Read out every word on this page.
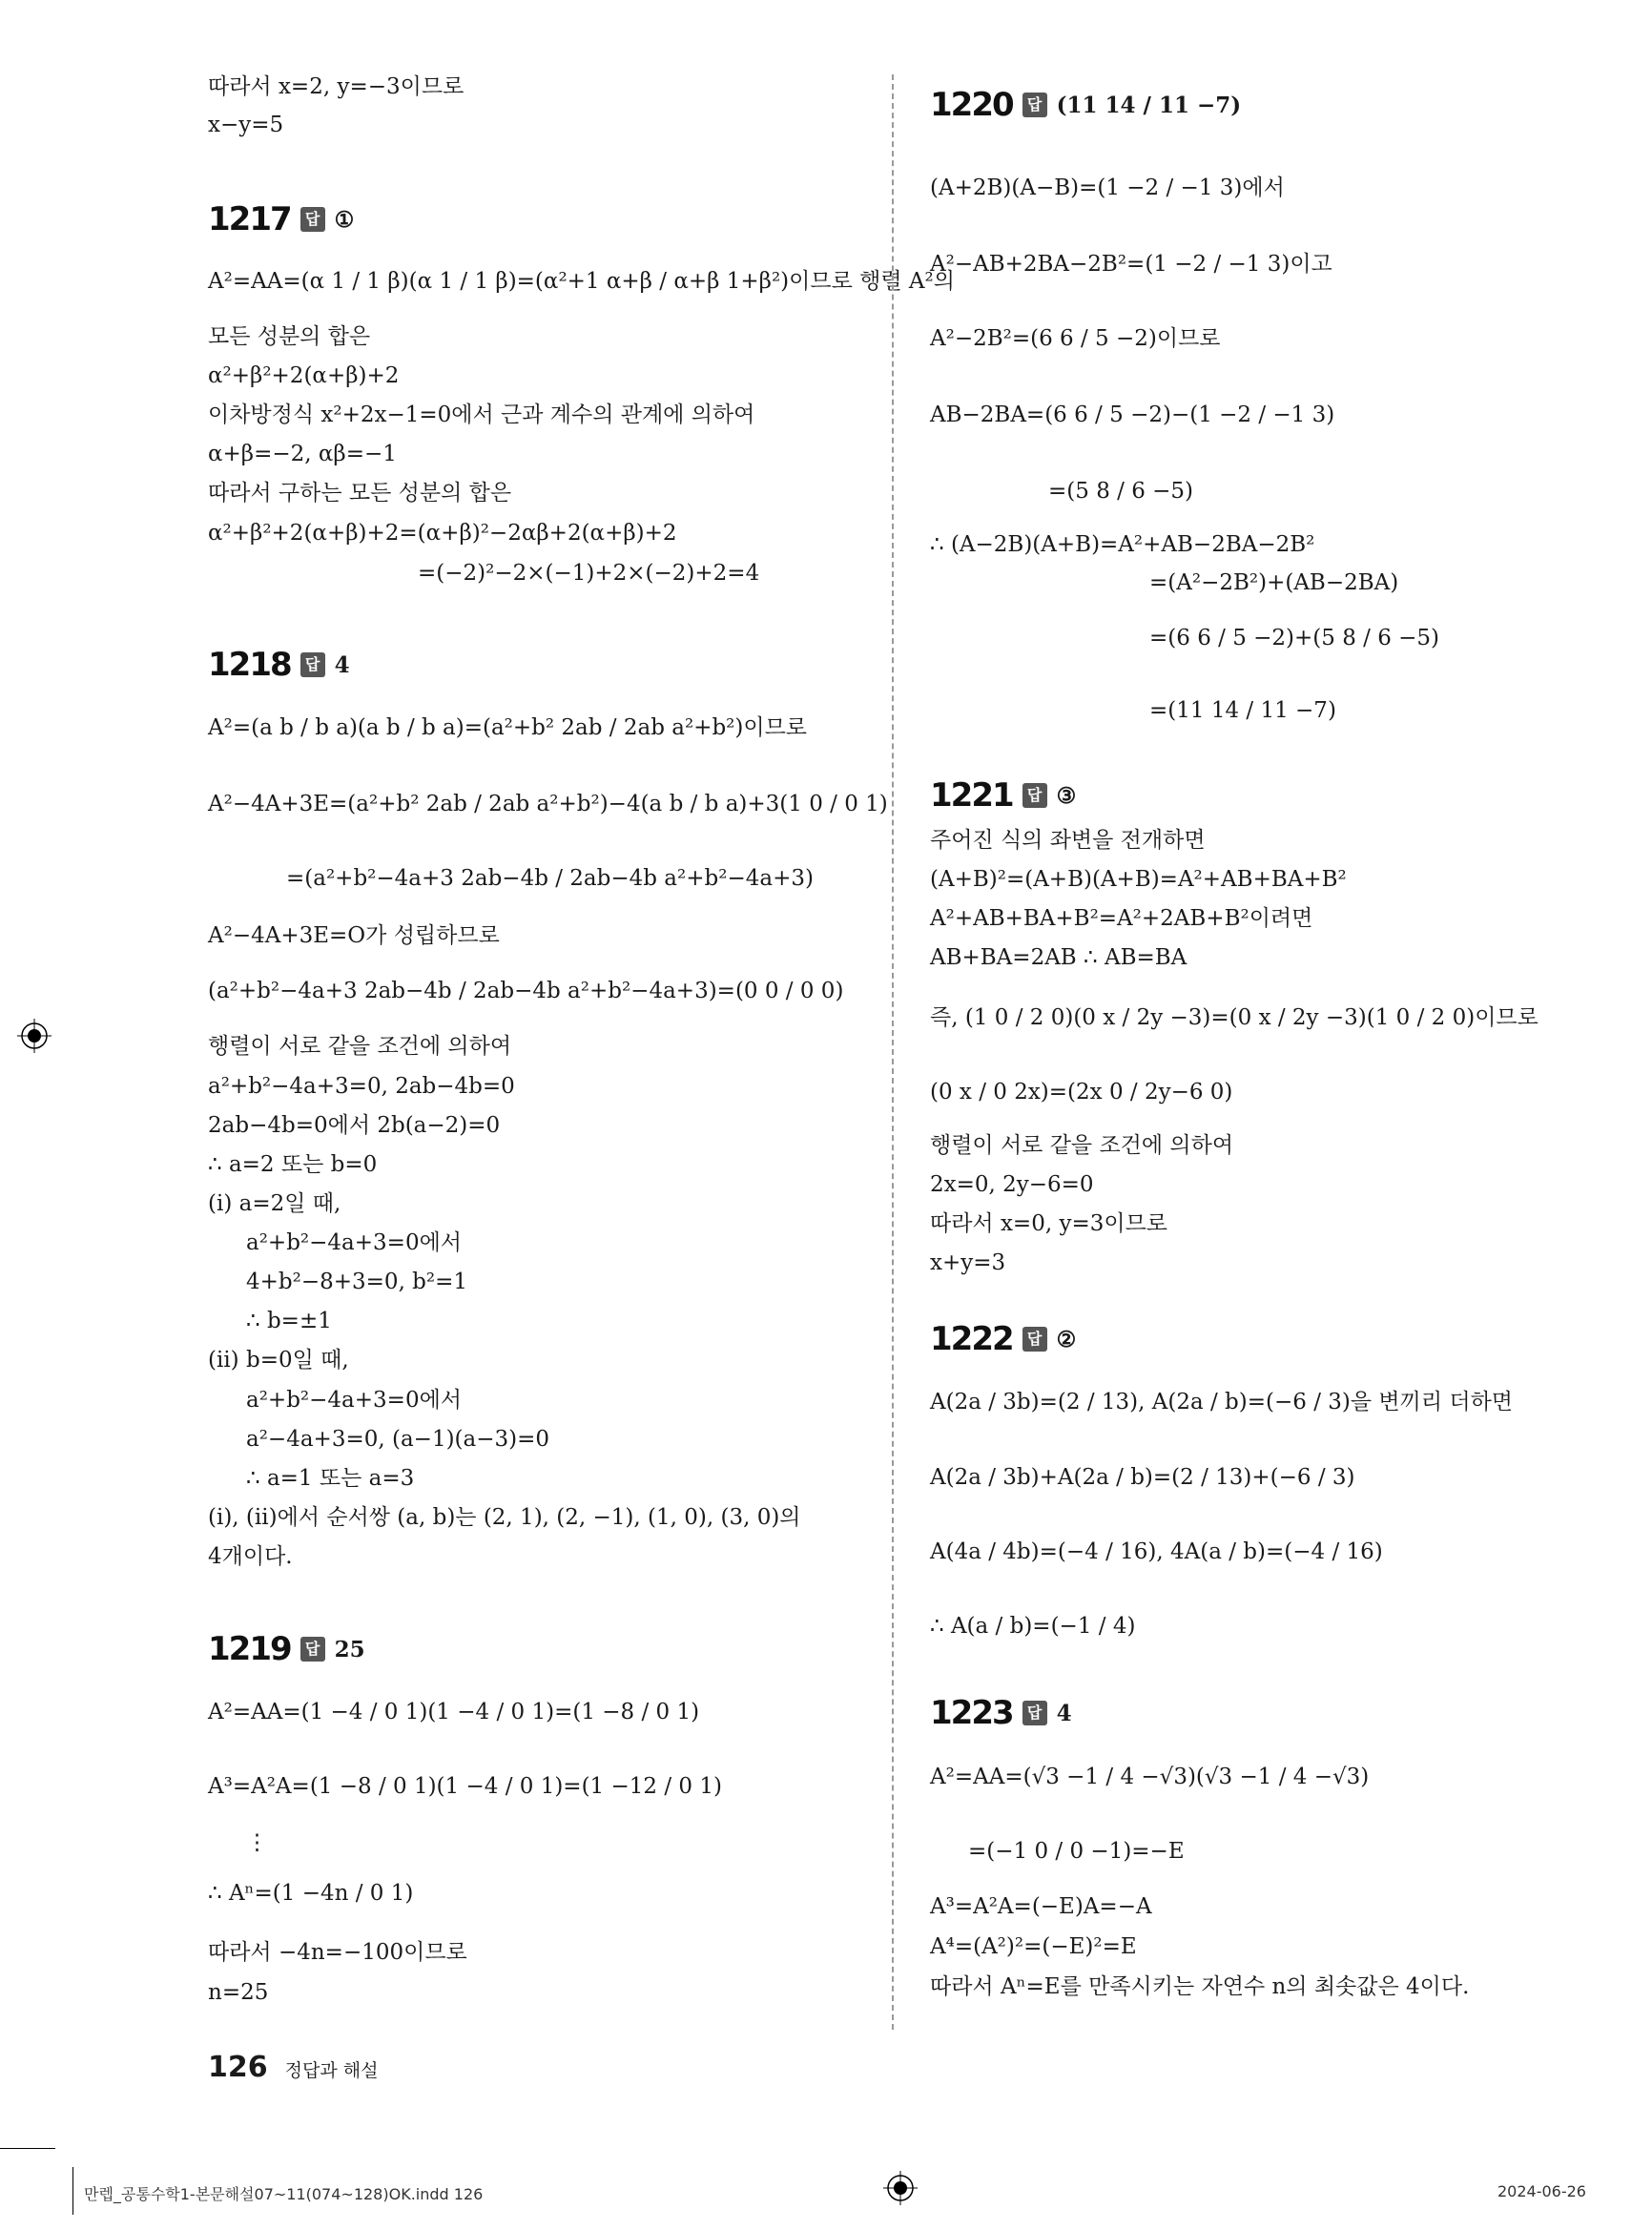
따라서 x=2, y=−3이므로
x−y=5
1217 답 ①
A²=AA=(α 1 / 1 β)(α 1 / 1 β)=(α²+1 α+β / α+β 1+β²)이므로 행렬 A²의
모든 성분의 합은
α²+β²+2(α+β)+2
이차방정식 x²+2x−1=0에서 근과 계수의 관계에 의하여
α+β=−2, αβ=−1
따라서 구하는 모든 성분의 합은
α²+β²+2(α+β)+2=(α+β)²−2αβ+2(α+β)+2
=(−2)²−2×(−1)+2×(−2)+2=4
1218 답 4
A²=(a b / b a)(a b / b a)=(a²+b² 2ab / 2ab a²+b²)이므로
A²−4A+3E=(a²+b² 2ab / 2ab a²+b²)−4(a b / b a)+3(1 0 / 0 1)
=(a²+b²−4a+3 2ab−4b / 2ab−4b a²+b²−4a+3)
A²−4A+3E=O가 성립하므로
(a²+b²−4a+3 2ab−4b / 2ab−4b a²+b²−4a+3)=(0 0 / 0 0)
행렬이 서로 같을 조건에 의하여
a²+b²−4a+3=0, 2ab−4b=0
2ab−4b=0에서 2b(a−2)=0
∴ a=2 또는 b=0
(ⅰ) a=2일 때,
a²+b²−4a+3=0에서
4+b²−8+3=0, b²=1
∴ b=±1
(ⅱ) b=0일 때,
a²+b²−4a+3=0에서
a²−4a+3=0, (a−1)(a−3)=0
∴ a=1 또는 a=3
(ⅰ), (ⅱ)에서 순서쌍 (a, b)는 (2, 1), (2, −1), (1, 0), (3, 0)의
4개이다.
1219 답 25
A²=AA=(1 −4 / 0 1)(1 −4 / 0 1)=(1 −8 / 0 1)
A³=A²A=(1 −8 / 0 1)(1 −4 / 0 1)=(1 −12 / 0 1)
⋮
∴ Aⁿ=(1 −4n / 0 1)
따라서 −4n=−100이므로
n=25
1220 답 (11 14 / 11 −7)
(A+2B)(A−B)=(1 −2 / −1 3)에서
A²−AB+2BA−2B²=(1 −2 / −1 3)이고
A²−2B²=(6 6 / 5 −2)이므로
AB−2BA=(6 6 / 5 −2)−(1 −2 / −1 3)
=(5 8 / 6 −5)
∴ (A−2B)(A+B)=A²+AB−2BA−2B²
=(A²−2B²)+(AB−2BA)
=(6 6 / 5 −2)+(5 8 / 6 −5)
=(11 14 / 11 −7)
1221 답 ③
주어진 식의 좌변을 전개하면
(A+B)²=(A+B)(A+B)=A²+AB+BA+B²
A²+AB+BA+B²=A²+2AB+B²이려면
AB+BA=2AB ∴ AB=BA
즉, (1 0 / 2 0)(0 x / 2y −3)=(0 x / 2y −3)(1 0 / 2 0)이므로
(0 x / 0 2x)=(2x 0 / 2y−6 0)
행렬이 서로 같을 조건에 의하여
2x=0, 2y−6=0
따라서 x=0, y=3이므로
x+y=3
1222 답 ②
A(2a / 3b)=(2 / 13), A(2a / b)=(−6 / 3)을 변끼리 더하면
A(2a / 3b)+A(2a / b)=(2 / 13)+(−6 / 3)
A(4a / 4b)=(−4 / 16), 4A(a / b)=(−4 / 16)
∴ A(a / b)=(−1 / 4)
1223 답 4
A²=AA=(√3 −1 / 4 −√3)(√3 −1 / 4 −√3)
=(−1 0 / 0 −1)=−E
A³=A²A=(−E)A=−A
A⁴=(A²)²=(−E)²=E
따라서 Aⁿ=E를 만족시키는 자연수 n의 최솟값은 4이다.
126 정답과 해설
만렙_공통수학1-본문해설07~11(074~128)OK.indd 126	2024-06-26
